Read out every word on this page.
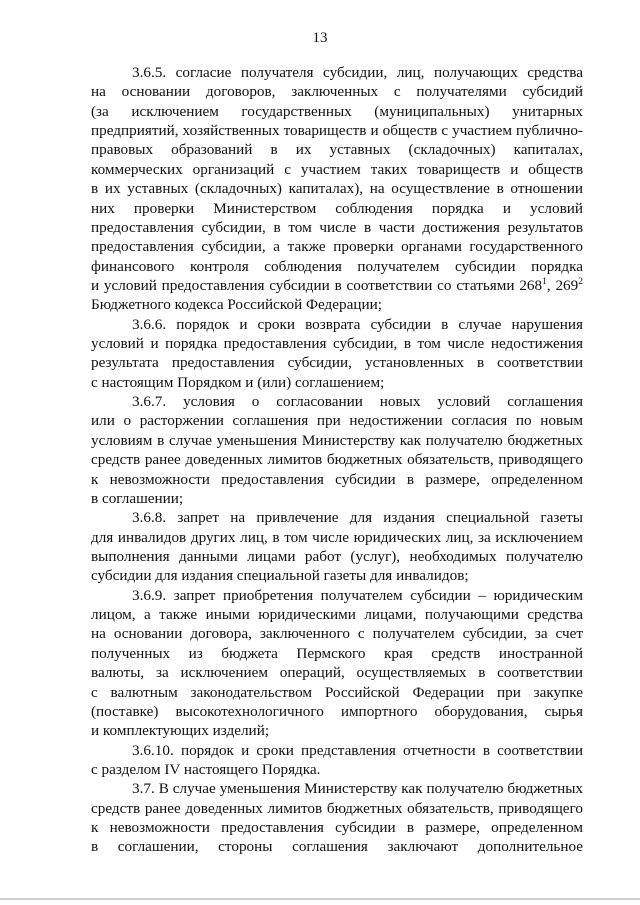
13
3.6.5. согласие получателя субсидии, лиц, получающих средства
на основании договоров, заключенных с получателями субсидий
(за исключением государственных (муниципальных) унитарных
предприятий, хозяйственных товариществ и обществ с участием публично-
правовых образований в их уставных (складочных) капиталах,
коммерческих организаций с участием таких товариществ и обществ
в их уставных (складочных) капиталах), на осуществление в отношении
них проверки Министерством соблюдения порядка и условий
предоставления субсидии, в том числе в части достижения результатов
предоставления субсидии, а также проверки органами государственного
финансового контроля соблюдения получателем субсидии порядка
и условий предоставления субсидии в соответствии со статьями $268^1$, $269^2$
Бюджетного кодекса Российской Федерации;
3.6.6. порядок и сроки возврата субсидии в случае нарушения
условий и порядка предоставления субсидии, в том числе недостижения
результата предоставления субсидии, установленных в соответствии
с настоящим Порядком и (или) соглашением;
3.6.7. условия о согласовании новых условий соглашения
или о расторжении соглашения при недостижении согласия по новым
условиям в случае уменьшения Министерству как получателю бюджетных
средств ранее доведенных лимитов бюджетных обязательств, приводящего
к невозможности предоставления субсидии в размере, определенном
в соглашении;
3.6.8. запрет на привлечение для издания специальной газеты
для инвалидов других лиц, в том числе юридических лиц, за исключением
выполнения данными лицами работ (услуг), необходимых получателю
субсидии для издания специальной газеты для инвалидов;
3.6.9. запрет приобретения получателем субсидии – юридическим
лицом, а также иными юридическими лицами, получающими средства
на основании договора, заключенного с получателем субсидии, за счет
полученных из бюджета Пермского края средств иностранной
валюты, за исключением операций, осуществляемых в соответствии
с валютным законодательством Российской Федерации при закупке
(поставке) высокотехнологичного импортного оборудования, сырья
и комплектующих изделий;
3.6.10. порядок и сроки представления отчетности в соответствии
с разделом IV настоящего Порядка.
3.7. В случае уменьшения Министерству как получателю бюджетных
средств ранее доведенных лимитов бюджетных обязательств, приводящего
к невозможности предоставления субсидии в размере, определенном
в соглашении, стороны соглашения заключают дополнительное
